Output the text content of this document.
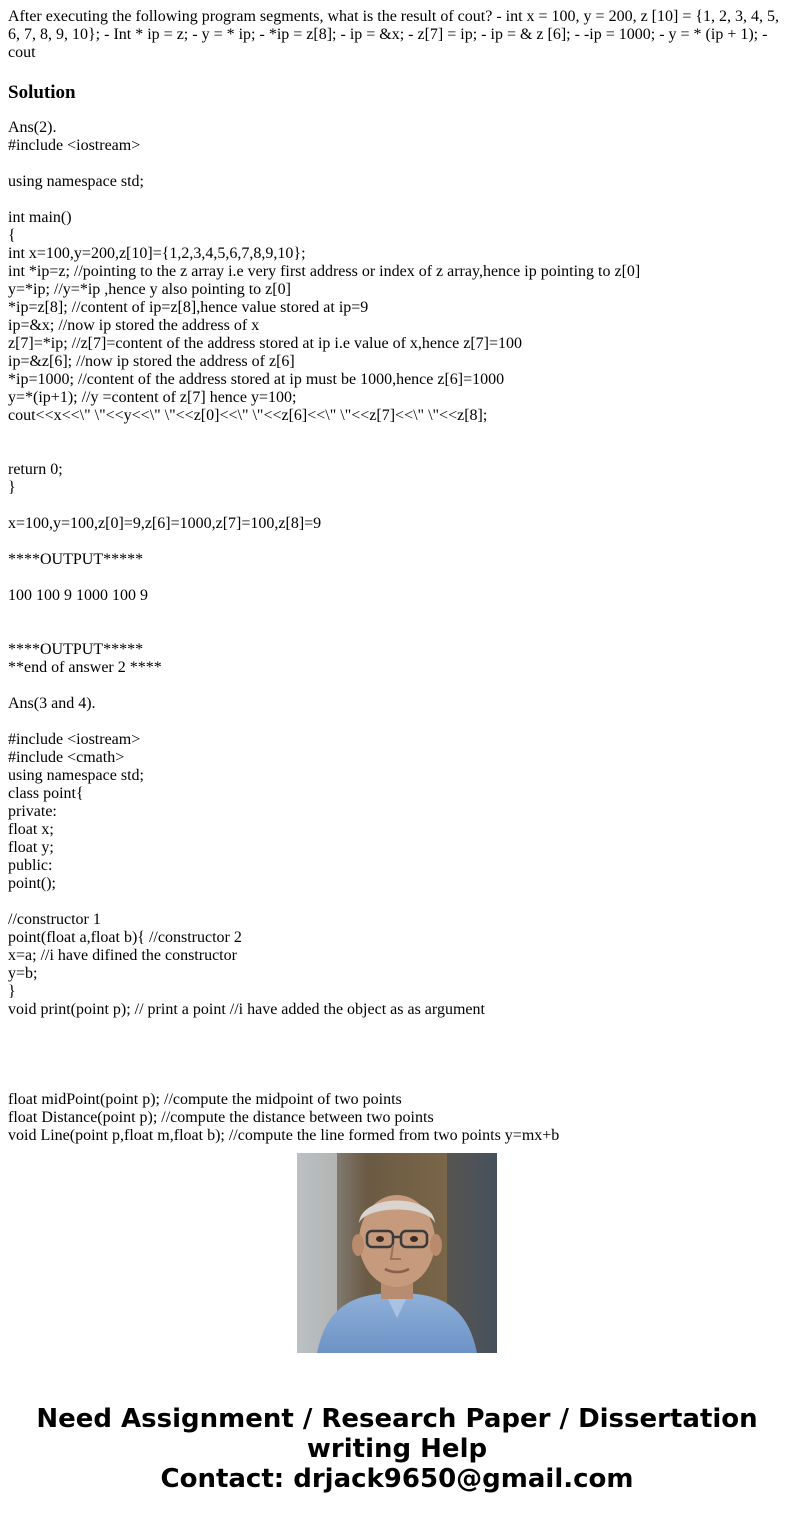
After executing the following program segments, what is the result of cout? - int x = 100, y = 200, z [10] = {1, 2, 3, 4, 5, 6, 7, 8, 9, 10}; - Int * ip = z; - y = * ip; - *ip = z[8]; - ip = &x; - z[7] = ip; - ip = & z [6]; - -ip = 1000; - y = * (ip + 1); - cout
Solution
Ans(2).
#include <iostream>
using namespace std;
int main()
{
int x=100,y=200,z[10]={1,2,3,4,5,6,7,8,9,10};
int *ip=z; //pointing to the z array i.e very first address or index of z array,hence ip pointing to z[0]
y=*ip; //y=*ip ,hence y also pointing to z[0]
*ip=z[8]; //content of ip=z[8],hence value stored at ip=9
ip=&x; //now ip stored the address of x
z[7]=*ip; //z[7]=content of the address stored at ip i.e value of x,hence z[7]=100
ip=&z[6]; //now ip stored the address of z[6]
*ip=1000; //content of the address stored at ip must be 1000,hence z[6]=1000
y=*(ip+1); //y =content of z[7] hence y=100;
cout<<x<<\" \"<<y<<\" \"<<z[0]<<\" \"<<z[6]<<\" \"<<z[7]<<\" \"<<z[8];
return 0;
}
x=100,y=100,z[0]=9,z[6]=1000,z[7]=100,z[8]=9
****OUTPUT*****
100 100 9 1000 100 9
****OUTPUT*****
**end of answer 2 ****
Ans(3 and 4).
#include <iostream>
#include <cmath>
using namespace std;
class point{
private:
float x;
float y;
public:
point();
//constructor 1
point(float a,float b){ //constructor 2
x=a; //i have difined the constructor
y=b;
}
void print(point p); // print a point //i have added the object as as argument
float midPoint(point p); //compute the midpoint of two points
float Distance(point p); //compute the distance between two points
void Line(point p,float m,float b); //compute the line formed from two points y=mx+b
Need Assignment / Research Paper / Dissertation
writing Help
Contact: drjack9650@gmail.com
